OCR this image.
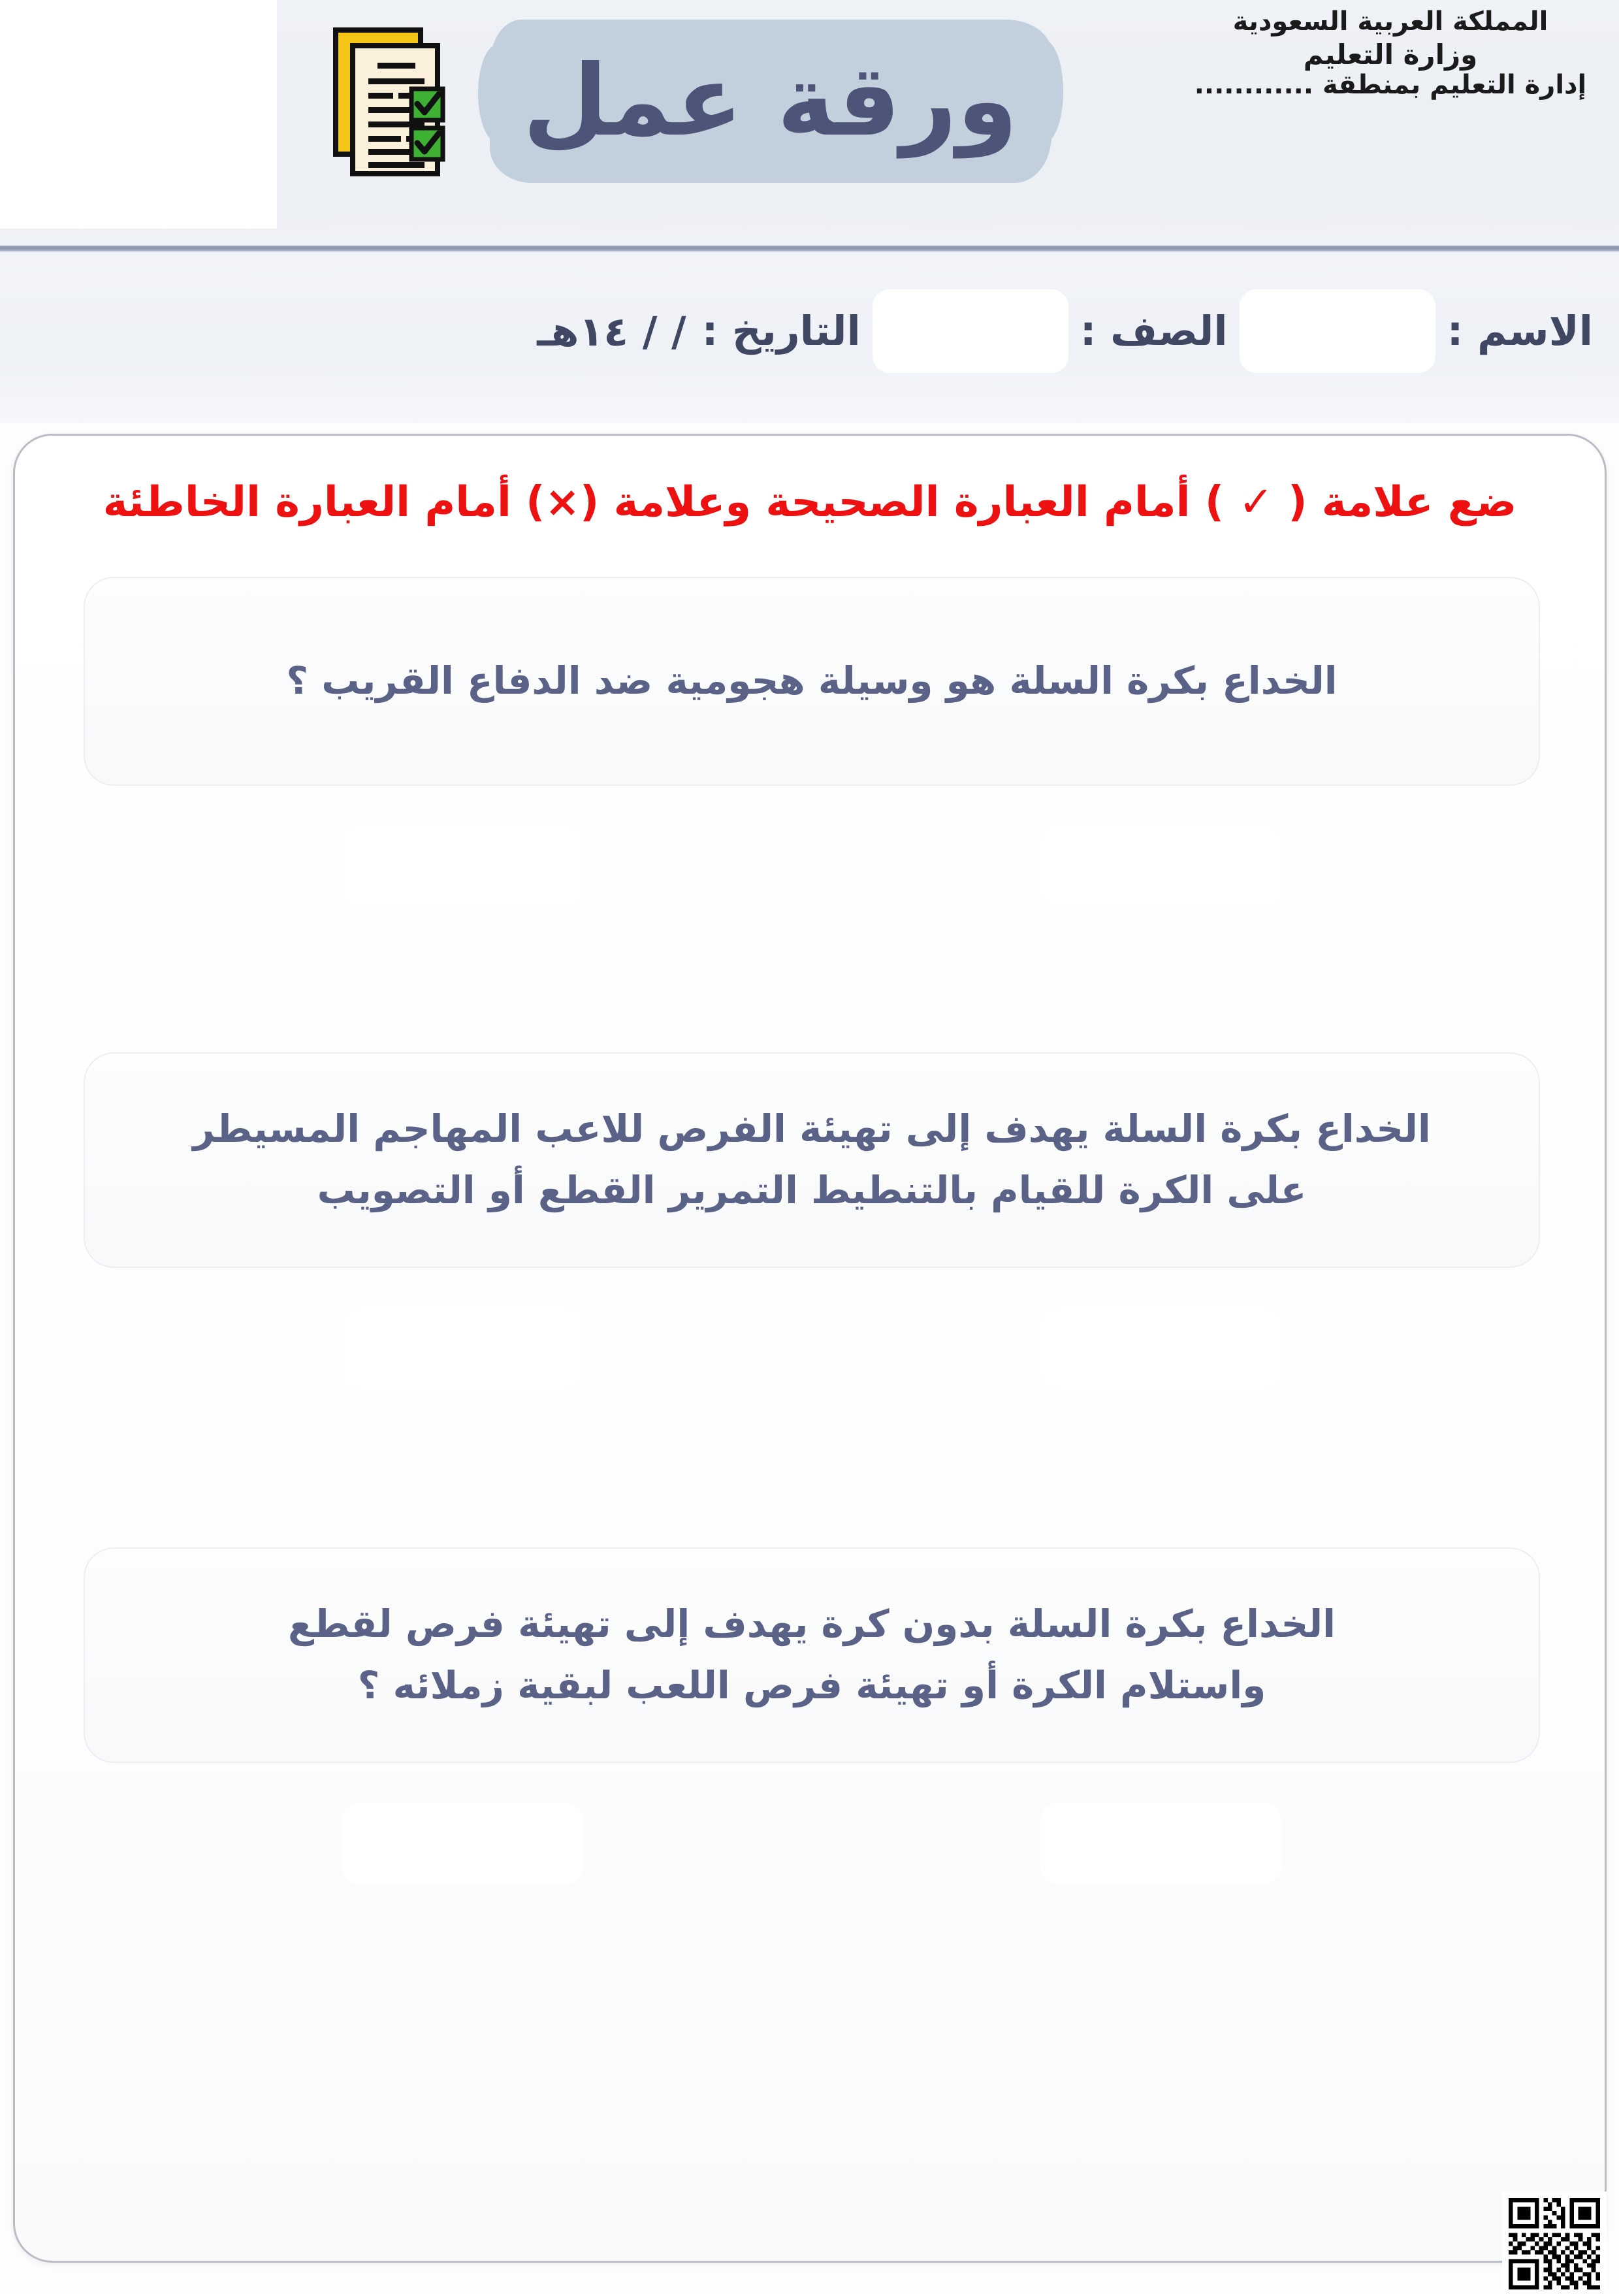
المملكة العربية السعودية
وزارة التعليم
إدارة التعليم بمنطقة ............
ورقة عمل
الاسم :
الصف :
التاريخ :
/ / ١٤هـ
ضع علامة ( ✓ ) أمام العبارة الصحيحة وعلامة (×) أمام العبارة الخاطئة
الخداع بكرة السلة هو وسيلة هجومية ضد الدفاع القريب ؟
الخداع بكرة السلة يهدف إلى تهيئة الفرص للاعب المهاجم المسيطر
على الكرة للقيام بالتنطيط التمرير القطع أو التصويب
الخداع بكرة السلة بدون كرة يهدف إلى تهيئة فرص لقطع
واستلام الكرة أو تهيئة فرص اللعب لبقية زملائه ؟
